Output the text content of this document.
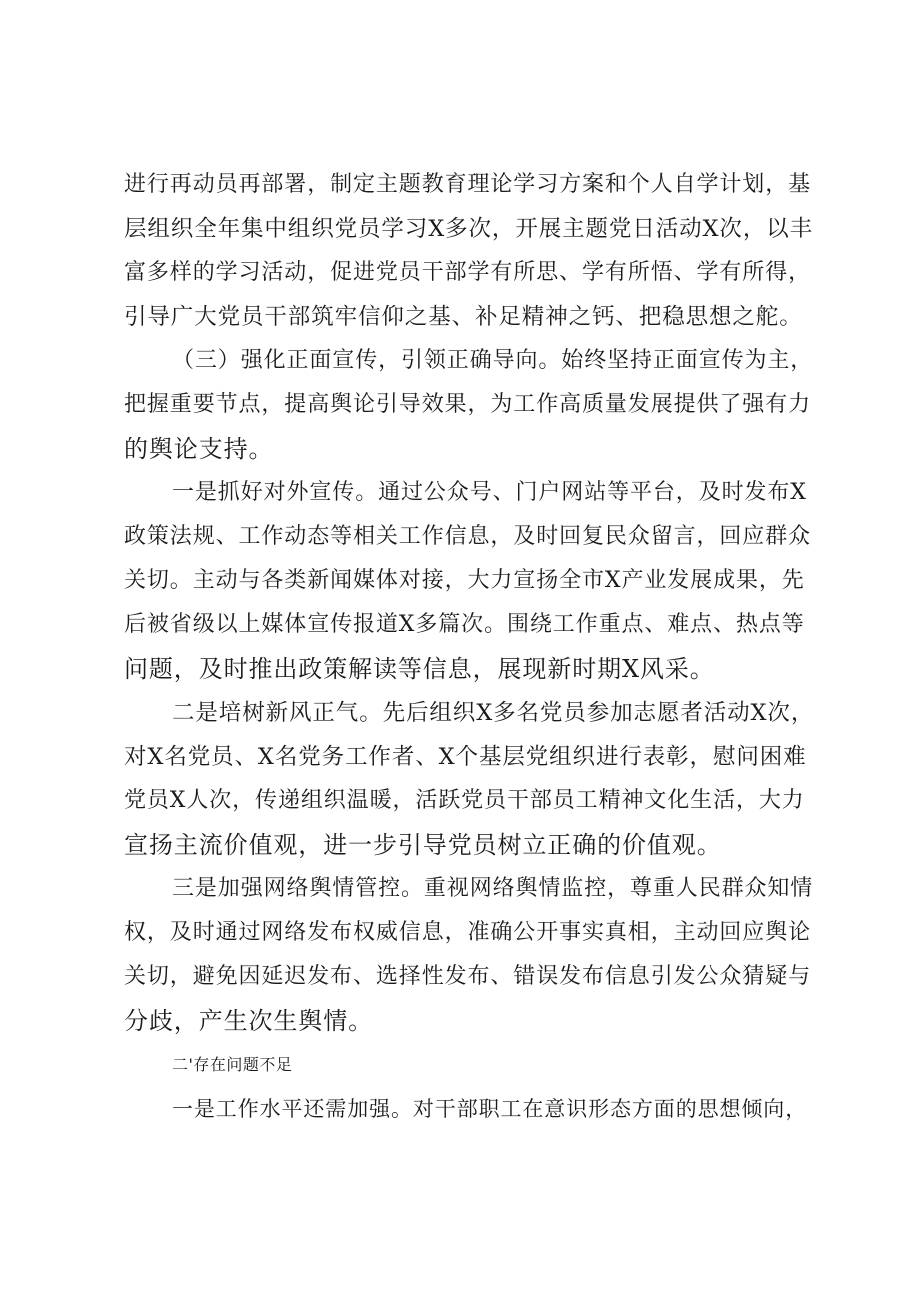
进行再动员再部署，制定主题教育理论学习方案和个人自学计划，基

层组织全年集中组织党员学习X多次，开展主题党日活动X次，以丰

富多样的学习活动，促进党员干部学有所思、学有所悟、学有所得，

引导广大党员干部筑牢信仰之基、补足精神之钙、把稳思想之舵。

（三）强化正面宣传，引领正确导向。始终坚持正面宣传为主，

把握重要节点，提高舆论引导效果，为工作高质量发展提供了强有力

的舆论支持。

一是抓好对外宣传。通过公众号、门户网站等平台，及时发布X

政策法规、工作动态等相关工作信息，及时回复民众留言，回应群众

关切。主动与各类新闻媒体对接，大力宣扬全市X产业发展成果，先

后被省级以上媒体宣传报道X多篇次。围绕工作重点、难点、热点等

问题，及时推出政策解读等信息，展现新时期X风采。

二是培树新风正气。先后组织X多名党员参加志愿者活动X次，

对X名党员、X名党务工作者、X个基层党组织进行表彰，慰问困难

党员X人次，传递组织温暖，活跃党员干部员工精神文化生活，大力

宣扬主流价值观，进一步引导党员树立正确的价值观。

三是加强网络舆情管控。重视网络舆情监控，尊重人民群众知情

权，及时通过网络发布权威信息，准确公开事实真相，主动回应舆论

关切，避免因延迟发布、选择性发布、错误发布信息引发公众猜疑与

分歧，产生次生舆情。

二'存在问题不足

一是工作水平还需加强。对干部职工在意识形态方面的思想倾向，
